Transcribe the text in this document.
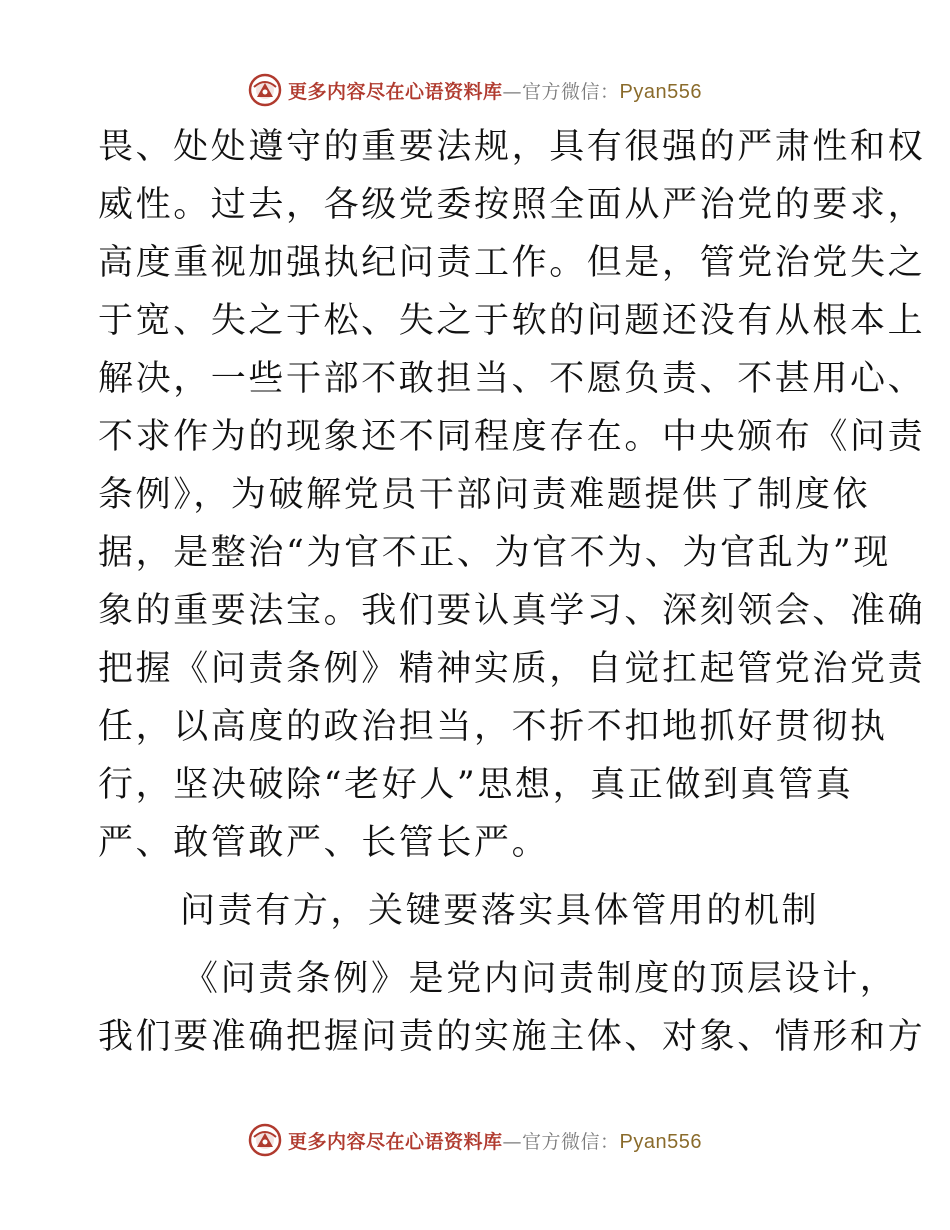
更多内容尽在心语资料库—官方微信：Pyan556
畏、处处遵守的重要法规，具有很强的严肃性和权
威性。过去，各级党委按照全面从严治党的要求，
高度重视加强执纪问责工作。但是，管党治党失之
于宽、失之于松、失之于软的问题还没有从根本上
解决，一些干部不敢担当、不愿负责、不甚用心、
不求作为的现象还不同程度存在。中央颁布《问责
条例》，为破解党员干部问责难题提供了制度依
据，是整治“为官不正、为官不为、为官乱为”现
象的重要法宝。我们要认真学习、深刻领会、准确
把握《问责条例》精神实质，自觉扛起管党治党责
任，以高度的政治担当，不折不扣地抓好贯彻执
行，坚决破除“老好人”思想，真正做到真管真
严、敢管敢严、长管长严。
问责有方，关键要落实具体管用的机制
《问责条例》是党内问责制度的顶层设计，
我们要准确把握问责的实施主体、对象、情形和方
更多内容尽在心语资料库—官方微信：Pyan556
